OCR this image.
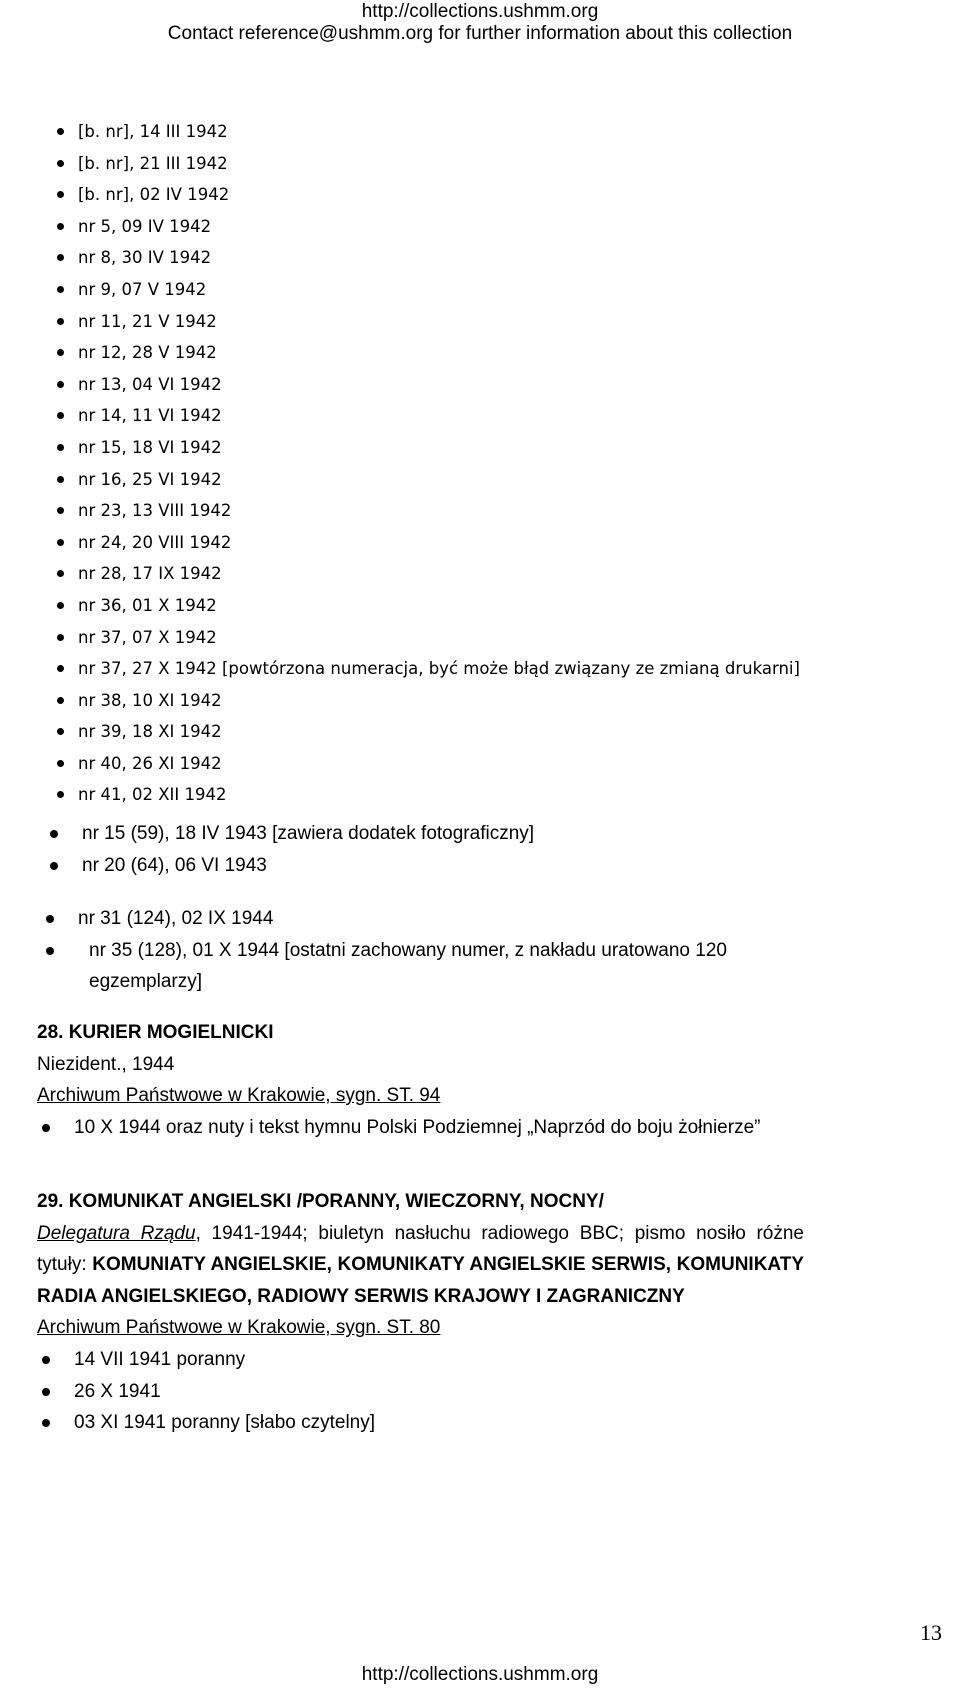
http://collections.ushmm.org
Contact reference@ushmm.org for further information about this collection
[b. nr], 14 III 1942
[b. nr], 21 III 1942
[b. nr], 02 IV 1942
nr 5, 09 IV 1942
nr 8, 30 IV 1942
nr 9, 07 V 1942
nr 11, 21 V 1942
nr 12, 28 V 1942
nr 13, 04 VI 1942
nr 14, 11 VI 1942
nr 15, 18 VI 1942
nr 16, 25 VI 1942
nr 23, 13 VIII 1942
nr 24, 20 VIII 1942
nr 28, 17 IX 1942
nr 36, 01 X 1942
nr 37, 07 X 1942
nr 37, 27 X 1942 [powtórzona numeracja, być może błąd związany ze zmianą drukarni]
nr 38, 10 XI 1942
nr 39, 18 XI 1942
nr 40, 26 XI 1942
nr 41, 02 XII 1942
nr 15 (59), 18 IV 1943 [zawiera dodatek fotograficzny]
nr 20 (64), 06 VI 1943
nr 31 (124), 02 IX 1944
nr 35 (128), 01 X 1944 [ostatni zachowany numer, z nakładu uratowano 120 egzemplarzy]
28. KURIER MOGIELNICKI
Niezident., 1944
Archiwum Państwowe w Krakowie, sygn. ST. 94
10 X 1944 oraz nuty i tekst hymnu Polski Podziemnej „Naprzód do boju żołnierze”
29. KOMUNIKAT ANGIELSKI /PORANNY, WIECZORNY, NOCNY/
Delegatura Rządu, 1941-1944; biuletyn nasłuchu radiowego BBC; pismo nosiło różne tytuły: KOMUNIATY ANGIELSKIE, KOMUNIKATY ANGIELSKIE SERWIS, KOMUNIKATY RADIA ANGIELSKIEGO, RADIOWY SERWIS KRAJOWY I ZAGRANICZNY
Archiwum Państwowe w Krakowie, sygn. ST. 80
14 VII 1941 poranny
26 X 1941
03 XI 1941 poranny [słabo czytelny]
13
http://collections.ushmm.org
